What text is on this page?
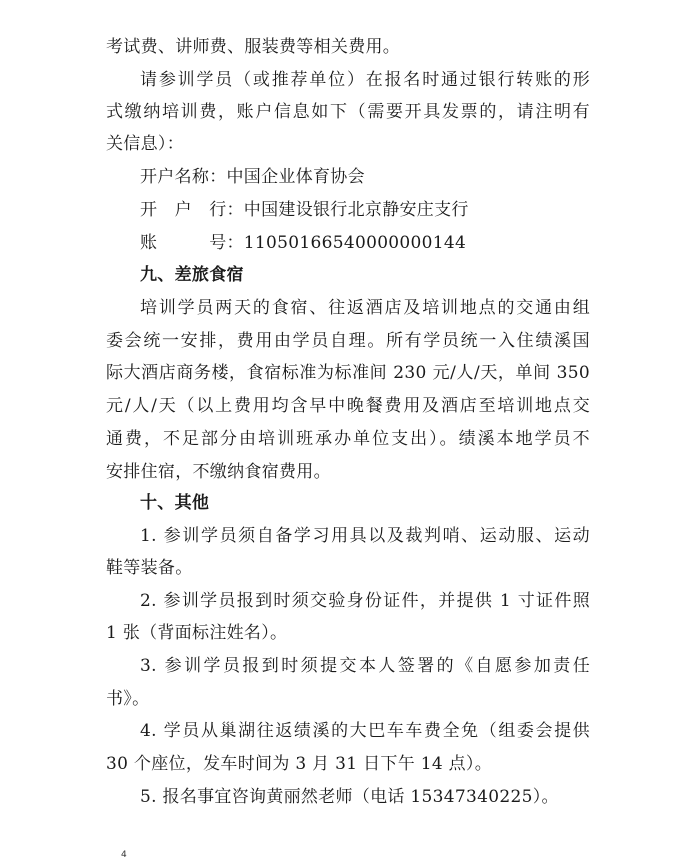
考试费、讲师费、服装费等相关费用。
请参训学员（或推荐单位）在报名时通过银行转账的形
式缴纳培训费，账户信息如下（需要开具发票的，请注明有
关信息）：
开户名称：中国企业体育协会
开　户　行：中国建设银行北京静安庄支行
账　　　号：11050166540000000144
九、差旅食宿
培训学员两天的食宿、往返酒店及培训地点的交通由组
委会统一安排，费用由学员自理。所有学员统一入住绩溪国
际大酒店商务楼，食宿标准为标准间 230 元/人/天，单间 350
元/人/天（以上费用均含早中晚餐费用及酒店至培训地点交
通费，不足部分由培训班承办单位支出）。绩溪本地学员不
安排住宿，不缴纳食宿费用。
十、其他
1. 参训学员须自备学习用具以及裁判哨、运动服、运动
鞋等装备。
2. 参训学员报到时须交验身份证件，并提供 1 寸证件照
1 张（背面标注姓名）。
3. 参训学员报到时须提交本人签署的《自愿参加责任
书》。
4. 学员从巢湖往返绩溪的大巴车车费全免（组委会提供
30 个座位，发车时间为 3 月 31 日下午 14 点）。
5. 报名事宜咨询黄丽然老师（电话 15347340225）。
4
